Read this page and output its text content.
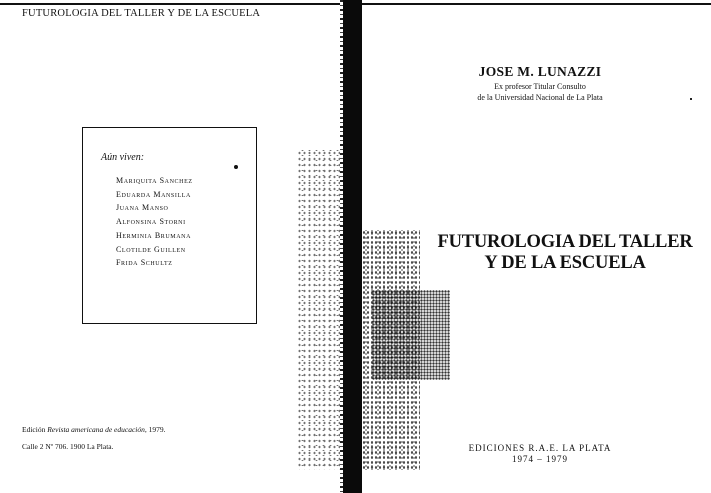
FUTUROLOGIA DEL TALLER Y DE LA ESCUELA
Aún viven:
Mariquita Sanchez
Eduarda Mansilla
Juana Manso
Alfonsina Storni
Herminia Brumana
Clotilde Guillen
Frida Schultz
Edición Revista americana de educación, 1979.
Calle 2 Nº 706. 1900 La Plata.
JOSE M. LUNAZZI
Ex profesor Titular Consulto
de la Universidad Nacional de La Plata
FUTUROLOGIA DEL TALLER
Y DE LA ESCUELA
EDICIONES R.A.E. LA PLATA
1974 – 1979
